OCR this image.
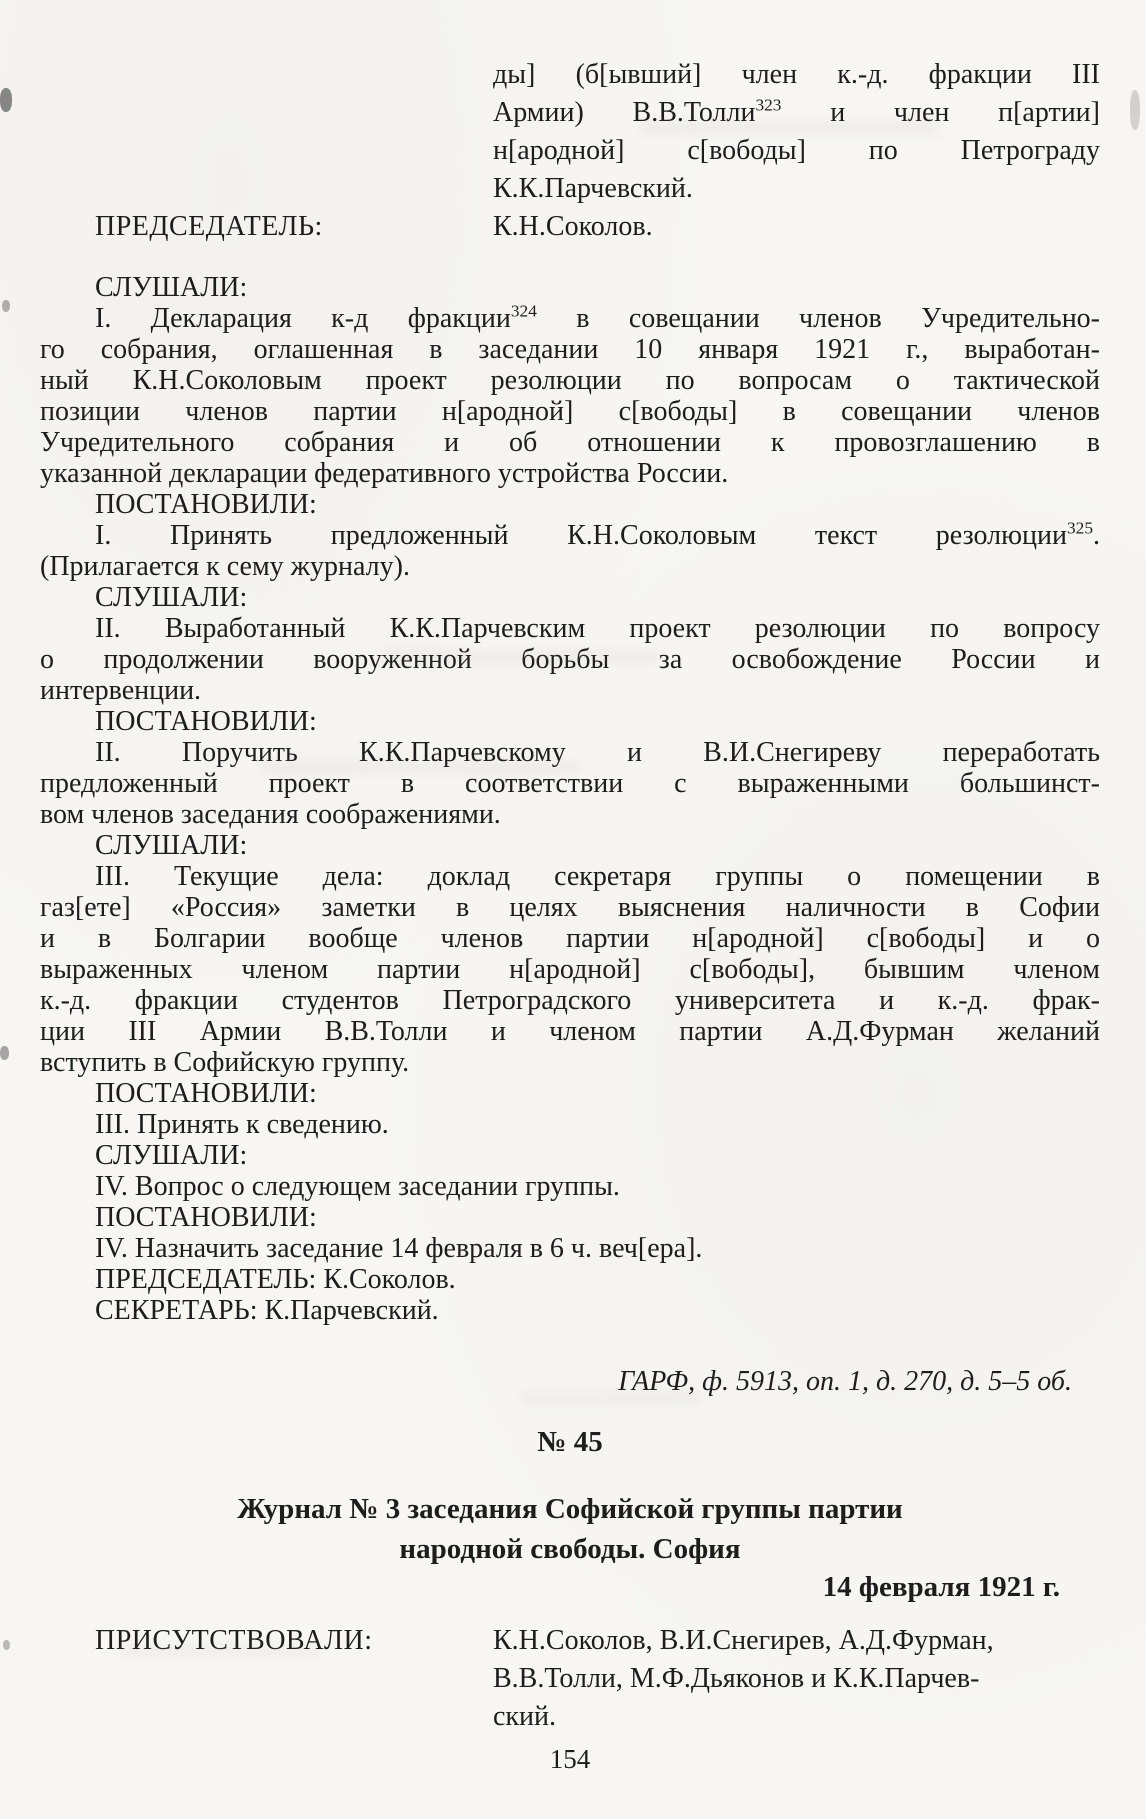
ПРЕДСЕДАТЕЛЬ:
ды] (б[ывший] член к.-д. фракции III
Армии) В.В.Толли$^{323}$ и член п[артии]
н[ародной] с[вободы] по Петрограду
К.К.Парчевский.
К.Н.Соколов.
СЛУШАЛИ:
I. Декларация к-д фракции$^{324}$ в совещании членов Учредительно-
го собрания, оглашенная в заседании 10 января 1921 г., выработан-
ный К.Н.Соколовым проект резолюции по вопросам о тактической
позиции членов партии н[ародной] с[вободы] в совещании членов
Учредительного собрания и об отношении к провозглашению в
указанной декларации федеративного устройства России.
ПОСТАНОВИЛИ:
I. Принять предложенный К.Н.Соколовым текст резолюции$^{325}$.
(Прилагается к сему журналу).
СЛУШАЛИ:
II. Выработанный К.К.Парчевским проект резолюции по вопросу
о продолжении вооруженной борьбы за освобождение России и
интервенции.
ПОСТАНОВИЛИ:
II. Поручить К.К.Парчевскому и В.И.Снегиреву переработать
предложенный проект в соответствии с выраженными большинст-
вом членов заседания соображениями.
СЛУШАЛИ:
III. Текущие дела: доклад секретаря группы о помещении в
газ[ете] «Россия» заметки в целях выяснения наличности в Софии
и в Болгарии вообще членов партии н[ародной] с[вободы] и о
выраженных членом партии н[ародной] с[вободы], бывшим членом
к.-д. фракции студентов Петроградского университета и к.-д. фрак-
ции III Армии В.В.Толли и членом партии А.Д.Фурман желаний
вступить в Софийскую группу.
ПОСТАНОВИЛИ:
III. Принять к сведению.
СЛУШАЛИ:
IV. Вопрос о следующем заседании группы.
ПОСТАНОВИЛИ:
IV. Назначить заседание 14 февраля в 6 ч. веч[ера].
ПРЕДСЕДАТЕЛЬ: К.Соколов.
СЕКРЕТАРЬ: К.Парчевский.
ГАРФ, ф. 5913, оп. 1, д. 270, д. 5–5 об.
№ 45
Журнал № 3 заседания Софийской группы партии
народной свободы. София
14 февраля 1921 г.
ПРИСУТСТВОВАЛИ:	К.Н.Соколов, В.И.Снегирев, А.Д.Фурман,
В.В.Толли, М.Ф.Дьяконов и К.К.Парчев-
ский.
154
